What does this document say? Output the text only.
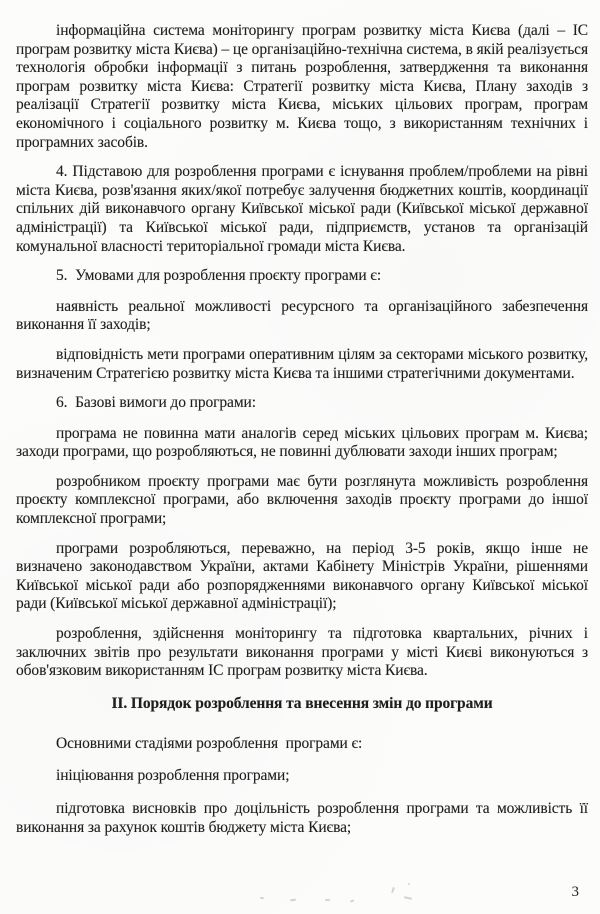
інформаційна система моніторингу програм розвитку міста Києва (далі – ІС програм розвитку міста Києва) – це організаційно-технічна система, в якій реалізується технологія обробки інформації з питань розроблення, затвердження та виконання програм розвитку міста Києва: Стратегії розвитку міста Києва, Плану заходів з реалізації Стратегії розвитку міста Києва, міських цільових програм, програм економічного і соціального розвитку м. Києва тощо, з використанням технічних і програмних засобів.

4. Підставою для розроблення програми є існування проблем/проблеми на рівні міста Києва, розв'язання яких/якої потребує залучення бюджетних коштів, координації спільних дій виконавчого органу Київської міської ради (Київської міської державної адміністрації) та Київської міської ради, підприємств, установ та організацій комунальної власності територіальної громади міста Києва.

5. Умовами для розроблення проєкту програми є:

наявність реальної можливості ресурсного та організаційного забезпечення виконання її заходів;

відповідність мети програми оперативним цілям за секторами міського розвитку, визначеним Стратегією розвитку міста Києва та іншими стратегічними документами.

6. Базові вимоги до програми:

програма не повинна мати аналогів серед міських цільових програм м. Києва; заходи програми, що розробляються, не повинні дублювати заходи інших програм;

розробником проєкту програми має бути розглянута можливість розроблення проєкту комплексної програми, або включення заходів проєкту програми до іншої комплексної програми;

програми розробляються, переважно, на період 3-5 років, якщо інше не визначено законодавством України, актами Кабінету Міністрів України, рішеннями Київської міської ради або розпорядженнями виконавчого органу Київської міської ради (Київської міської державної адміністрації);

розроблення, здійснення моніторингу та підготовка квартальних, річних і заключних звітів про результати виконання програми у місті Києві виконуються з обов'язковим використанням ІС програм розвитку міста Києва.

ІІ. Порядок розроблення та внесення змін до програми

Основними стадіями розроблення програми є:

ініціювання розроблення програми;

підготовка висновків про доцільність розроблення програми та можливість її виконання за рахунок коштів бюджету міста Києва;

3
